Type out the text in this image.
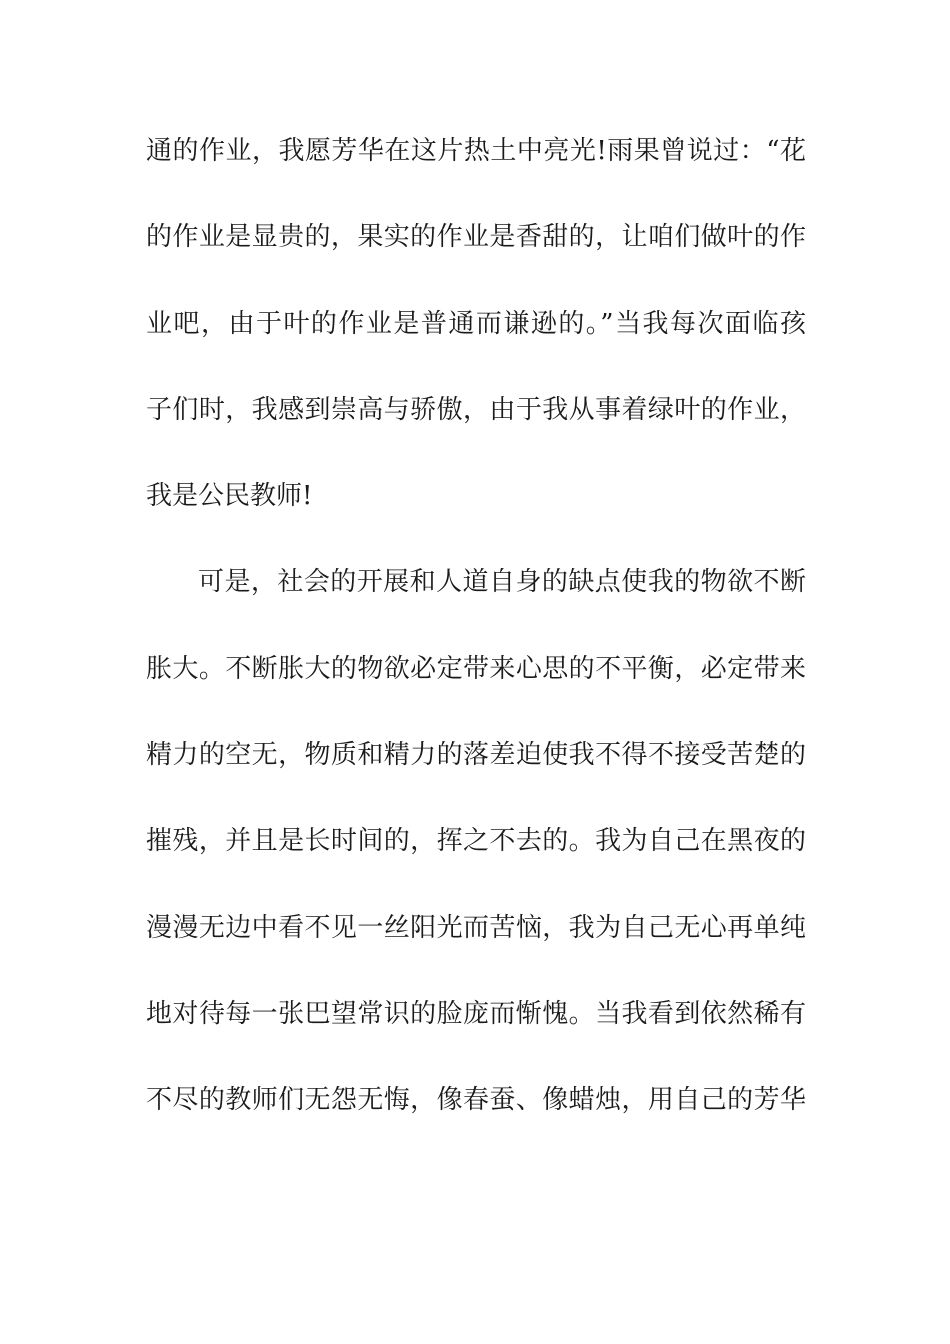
通的作业，我愿芳华在这片热土中亮光!雨果曾说过：“花
的作业是显贵的，果实的作业是香甜的，让咱们做叶的作
业吧，由于叶的作业是普通而谦逊的。”当我每次面临孩
子们时，我感到崇高与骄傲，由于我从事着绿叶的作业，
我是公民教师!
可是，社会的开展和人道自身的缺点使我的物欲不断
胀大。不断胀大的物欲必定带来心思的不平衡，必定带来
精力的空无，物质和精力的落差迫使我不得不接受苦楚的
摧残，并且是长时间的，挥之不去的。我为自己在黑夜的
漫漫无边中看不见一丝阳光而苦恼，我为自己无心再单纯
地对待每一张巴望常识的脸庞而惭愧。当我看到依然稀有
不尽的教师们无怨无悔，像春蚕、像蜡烛，用自己的芳华
